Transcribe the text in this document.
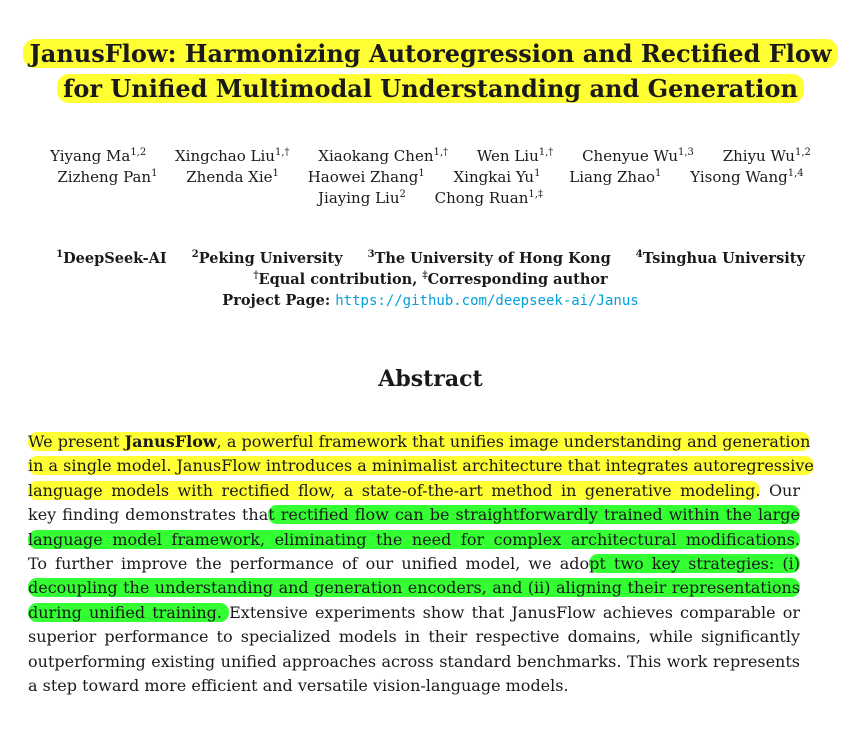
JanusFlow: Harmonizing Autoregression and Rectified Flow
for Unified Multimodal Understanding and Generation
Yiyang Ma$^{1,2}$ Xingchao Liu$^{1,\dagger}$ Xiaokang Chen$^{1,\dagger}$ Wen Liu$^{1,\dagger}$ Chenyue Wu$^{1,3}$ Zhiyu Wu$^{1,2}$
Zizheng Pan$^1$ Zhenda Xie$^1$ Haowei Zhang$^1$ Xingkai Yu$^1$ Liang Zhao$^1$ Yisong Wang$^{1,4}$
Jiaying Liu$^2$ Chong Ruan$^{1,\ddagger}$
$^1$DeepSeek-AI	$^2$Peking University	$^3$The University of Hong Kong	$^4$Tsinghua University
†Equal contribution, ‡Corresponding author
Project Page: https://github.com/deepseek-ai/Janus
Abstract
We present JanusFlow, a powerful framework that unifies image understanding and generation
in a single model. JanusFlow introduces a minimalist architecture that integrates autoregressive
language models with rectified flow, a state-of-the-art method in generative modeling. Our
key finding demonstrates that rectified flow can be straightforwardly trained within the large
language model framework, eliminating the need for complex architectural modifications.
To further improve the performance of our unified model, we adopt two key strategies: (i)
decoupling the understanding and generation encoders, and (ii) aligning their representations
during unified training. Extensive experiments show that JanusFlow achieves comparable or
superior performance to specialized models in their respective domains, while significantly
outperforming existing unified approaches across standard benchmarks. This work represents
a step toward more efficient and versatile vision-language models.
